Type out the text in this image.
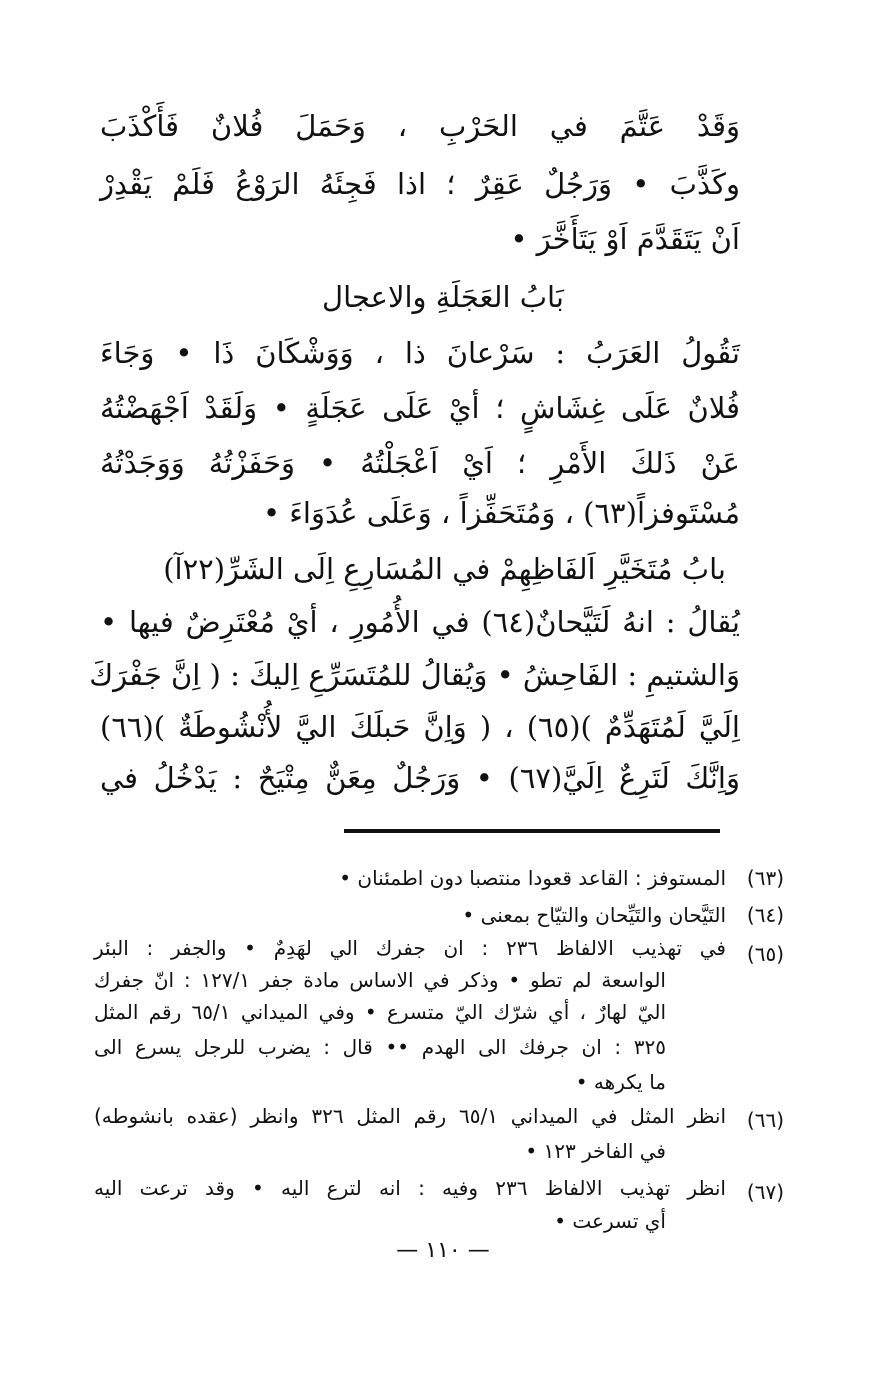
وَقَدْ عَتَّمَ في الحَرْبِ ، وَحَمَلَ فُلانٌ فَأَكْذَبَ
وكَذَّبَ • وَرَجُلٌ عَقِرٌ ؛ اذا فَجِئَهُ الرَوْعُ فَلَمْ يَقْدِرْ
اَنْ يَتَقَدَّمَ اَوْ يَتَأَخَّرَ •
بَابُ العَجَلَةِ والاعجال
تَقُولُ العَرَبُ : سَرْعانَ ذا ، وَوَشْكَانَ ذَا • وَجَاءَ
فُلانٌ عَلَى غِشَاشٍ ؛ أيْ عَلَى عَجَلَةٍ • وَلَقَدْ اَجْهَضْتُهُ
عَنْ ذَلكَ الأَمْرِ ؛ اَيْ اَعْجَلْتُهُ • وَحَفَزْتُهُ وَوَجَدْتُهُ
مُسْتَوفزاً(٦٣) ، وَمُتَحَفِّزاً ، وَعَلَى عُدَوَاءَ •
بابُ مُتَخَيَّرِ اَلفَاظِهِمْ في المُسَارِعِ اِلَى الشَرِّ(٢٢آ)
يُقالُ : انهُ لَتَيَّحانٌ(٦٤) في الأُمُورِ ، أيْ مُعْتَرِضٌ فيها •
وَالشتيمِ : الفَاحِشُ • وَيُقالُ للمُتَسَرِّعِ اِليكَ : ( اِنَّ جَفْرَكَ
اِلَيَّ لَمُتَهَدِّمٌ )(٦٥) ، ( وَاِنَّ حَبلَكَ اليَّ لأُنْشُوطَةٌ )(٦٦)
وَاِنَّكَ لَتَرِعٌ اِلَيَّ(٦٧) • وَرَجُلٌ مِعَنٌّ مِتْيَحٌ : يَدْخُلُ في
(٦٣)
المستوفز : القاعد قعودا منتصبا دون اطمئنان •
(٦٤)
التَيَّحان والتَيِّحان والتيّاح بمعنى •
(٦٥)
في تهذيب الالفاظ ٢٣٦ : ان جفرك الي لهَدِمٌ • والجفر : البئر
الواسعة لم تطو • وذكر في الاساس مادة جفر ١٢٧/١ : انّ جفرك
اليّ لهارٌ ، أي شرّك اليّ متسرع • وفي الميداني ٦٥/١ رقم المثل
٣٢٥ : ان جرفك الى الهدم •• قال : يضرب للرجل يسرع الى
ما يكرهه •
(٦٦)
انظر المثل في الميداني ٦٥/١ رقم المثل ٣٢٦ وانظر (عقده بانشوطه)
في الفاخر ١٢٣ •
(٦٧)
انظر تهذيب الالفاظ ٢٣٦ وفيه : انه لترع اليه • وقد ترعت اليه
أي تسرعت •
— ١١٠ —
